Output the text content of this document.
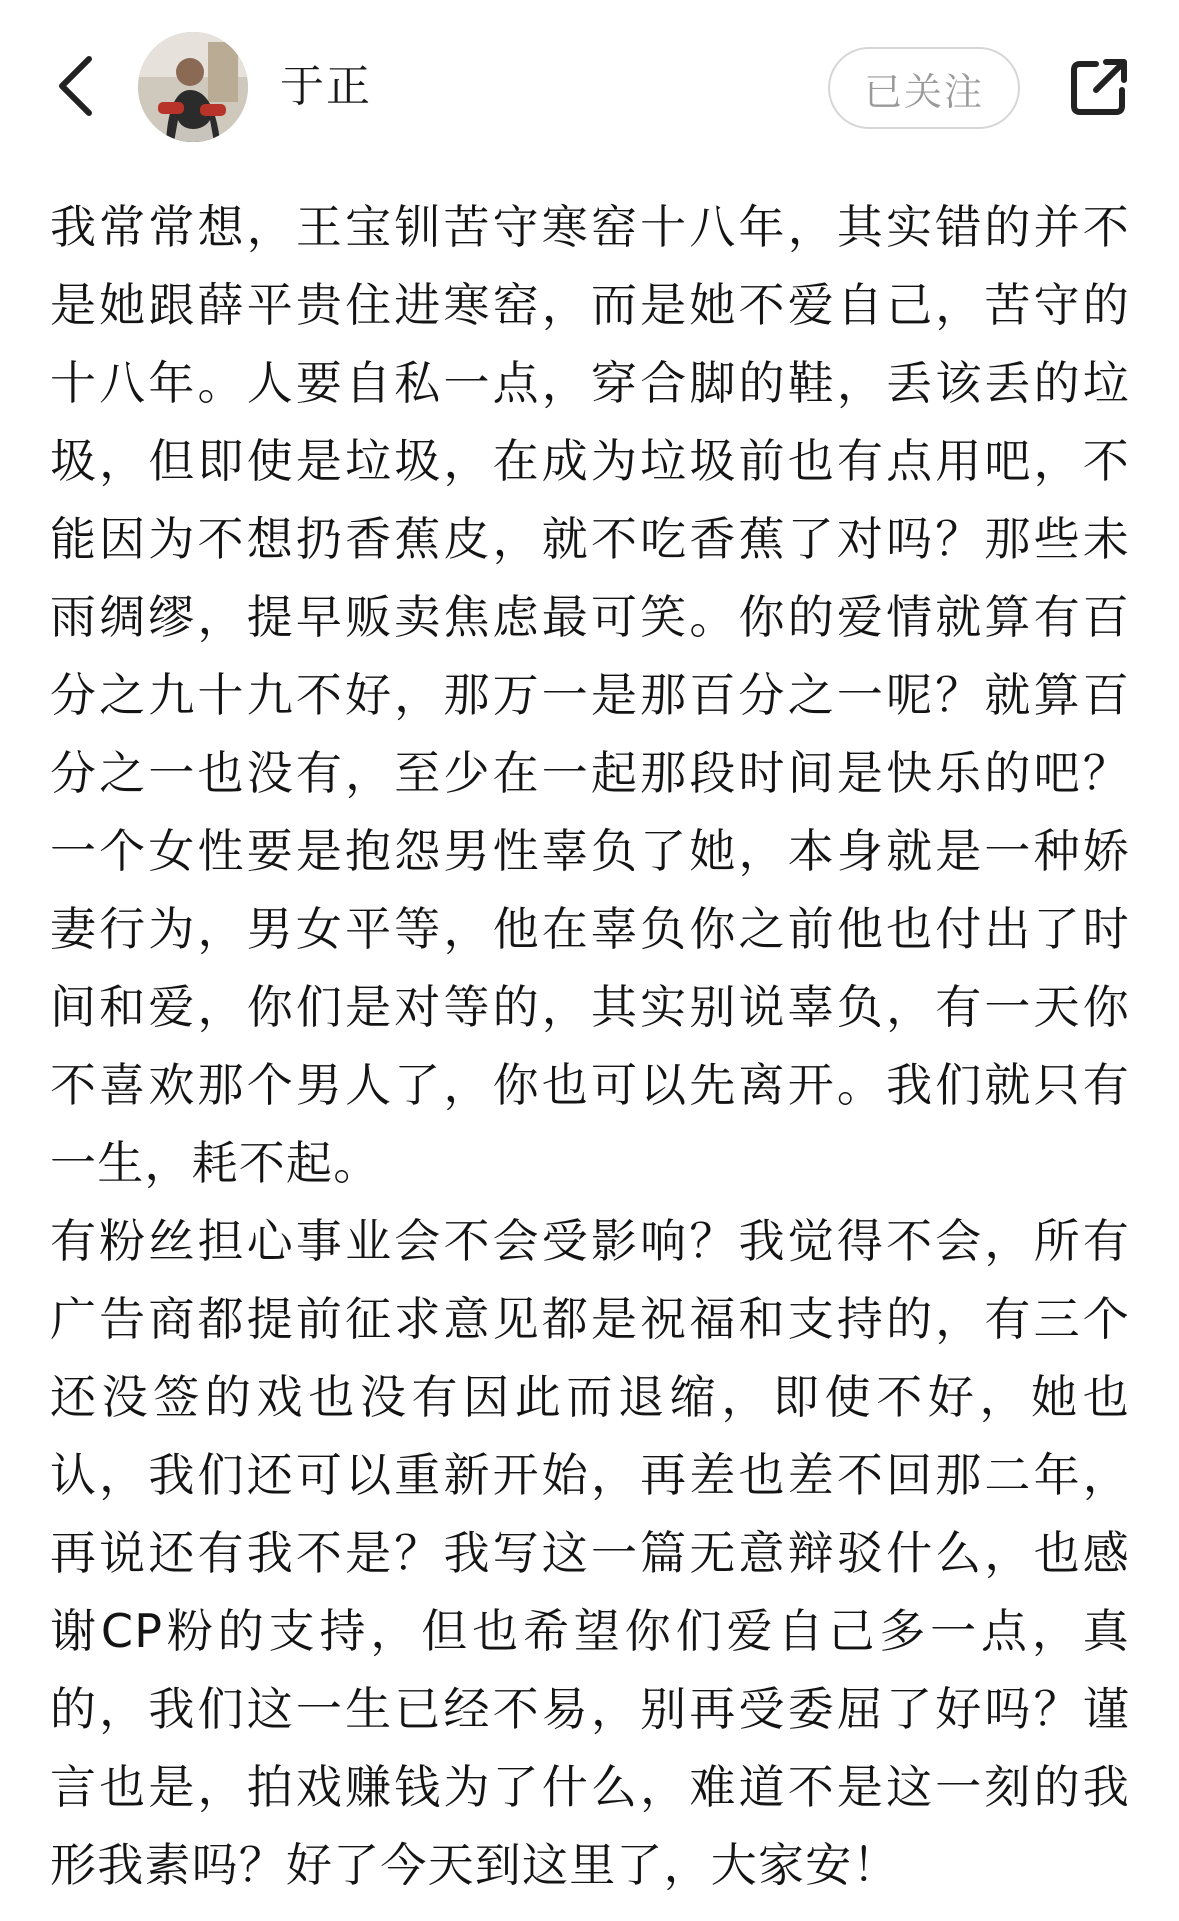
于正	已关注

我常常想，王宝钏苦守寒窑十八年，其实错的并不是她跟薛平贵住进寒窑，而是她不爱自己，苦守的十八年。人要自私一点，穿合脚的鞋，丢该丢的垃圾，但即使是垃圾，在成为垃圾前也有点用吧，不能因为不想扔香蕉皮，就不吃香蕉了对吗？那些未雨绸缪，提早贩卖焦虑最可笑。你的爱情就算有百分之九十九不好，那万一是那百分之一呢？就算百分之一也没有，至少在一起那段时间是快乐的吧？一个女性要是抱怨男性辜负了她，本身就是一种娇妻行为，男女平等，他在辜负你之前他也付出了时间和爱，你们是对等的，其实别说辜负，有一天你不喜欢那个男人了，你也可以先离开。我们就只有一生，耗不起。

有粉丝担心事业会不会受影响？我觉得不会，所有广告商都提前征求意见都是祝福和支持的，有三个还没签的戏也没有因此而退缩，即使不好，她也认，我们还可以重新开始，再差也差不回那二年，再说还有我不是？我写这一篇无意辩驳什么，也感谢CP粉的支持，但也希望你们爱自己多一点，真的，我们这一生已经不易，别再受委屈了好吗？谨言也是，拍戏赚钱为了什么，难道不是这一刻的我形我素吗？好了今天到这里了，大家安！
